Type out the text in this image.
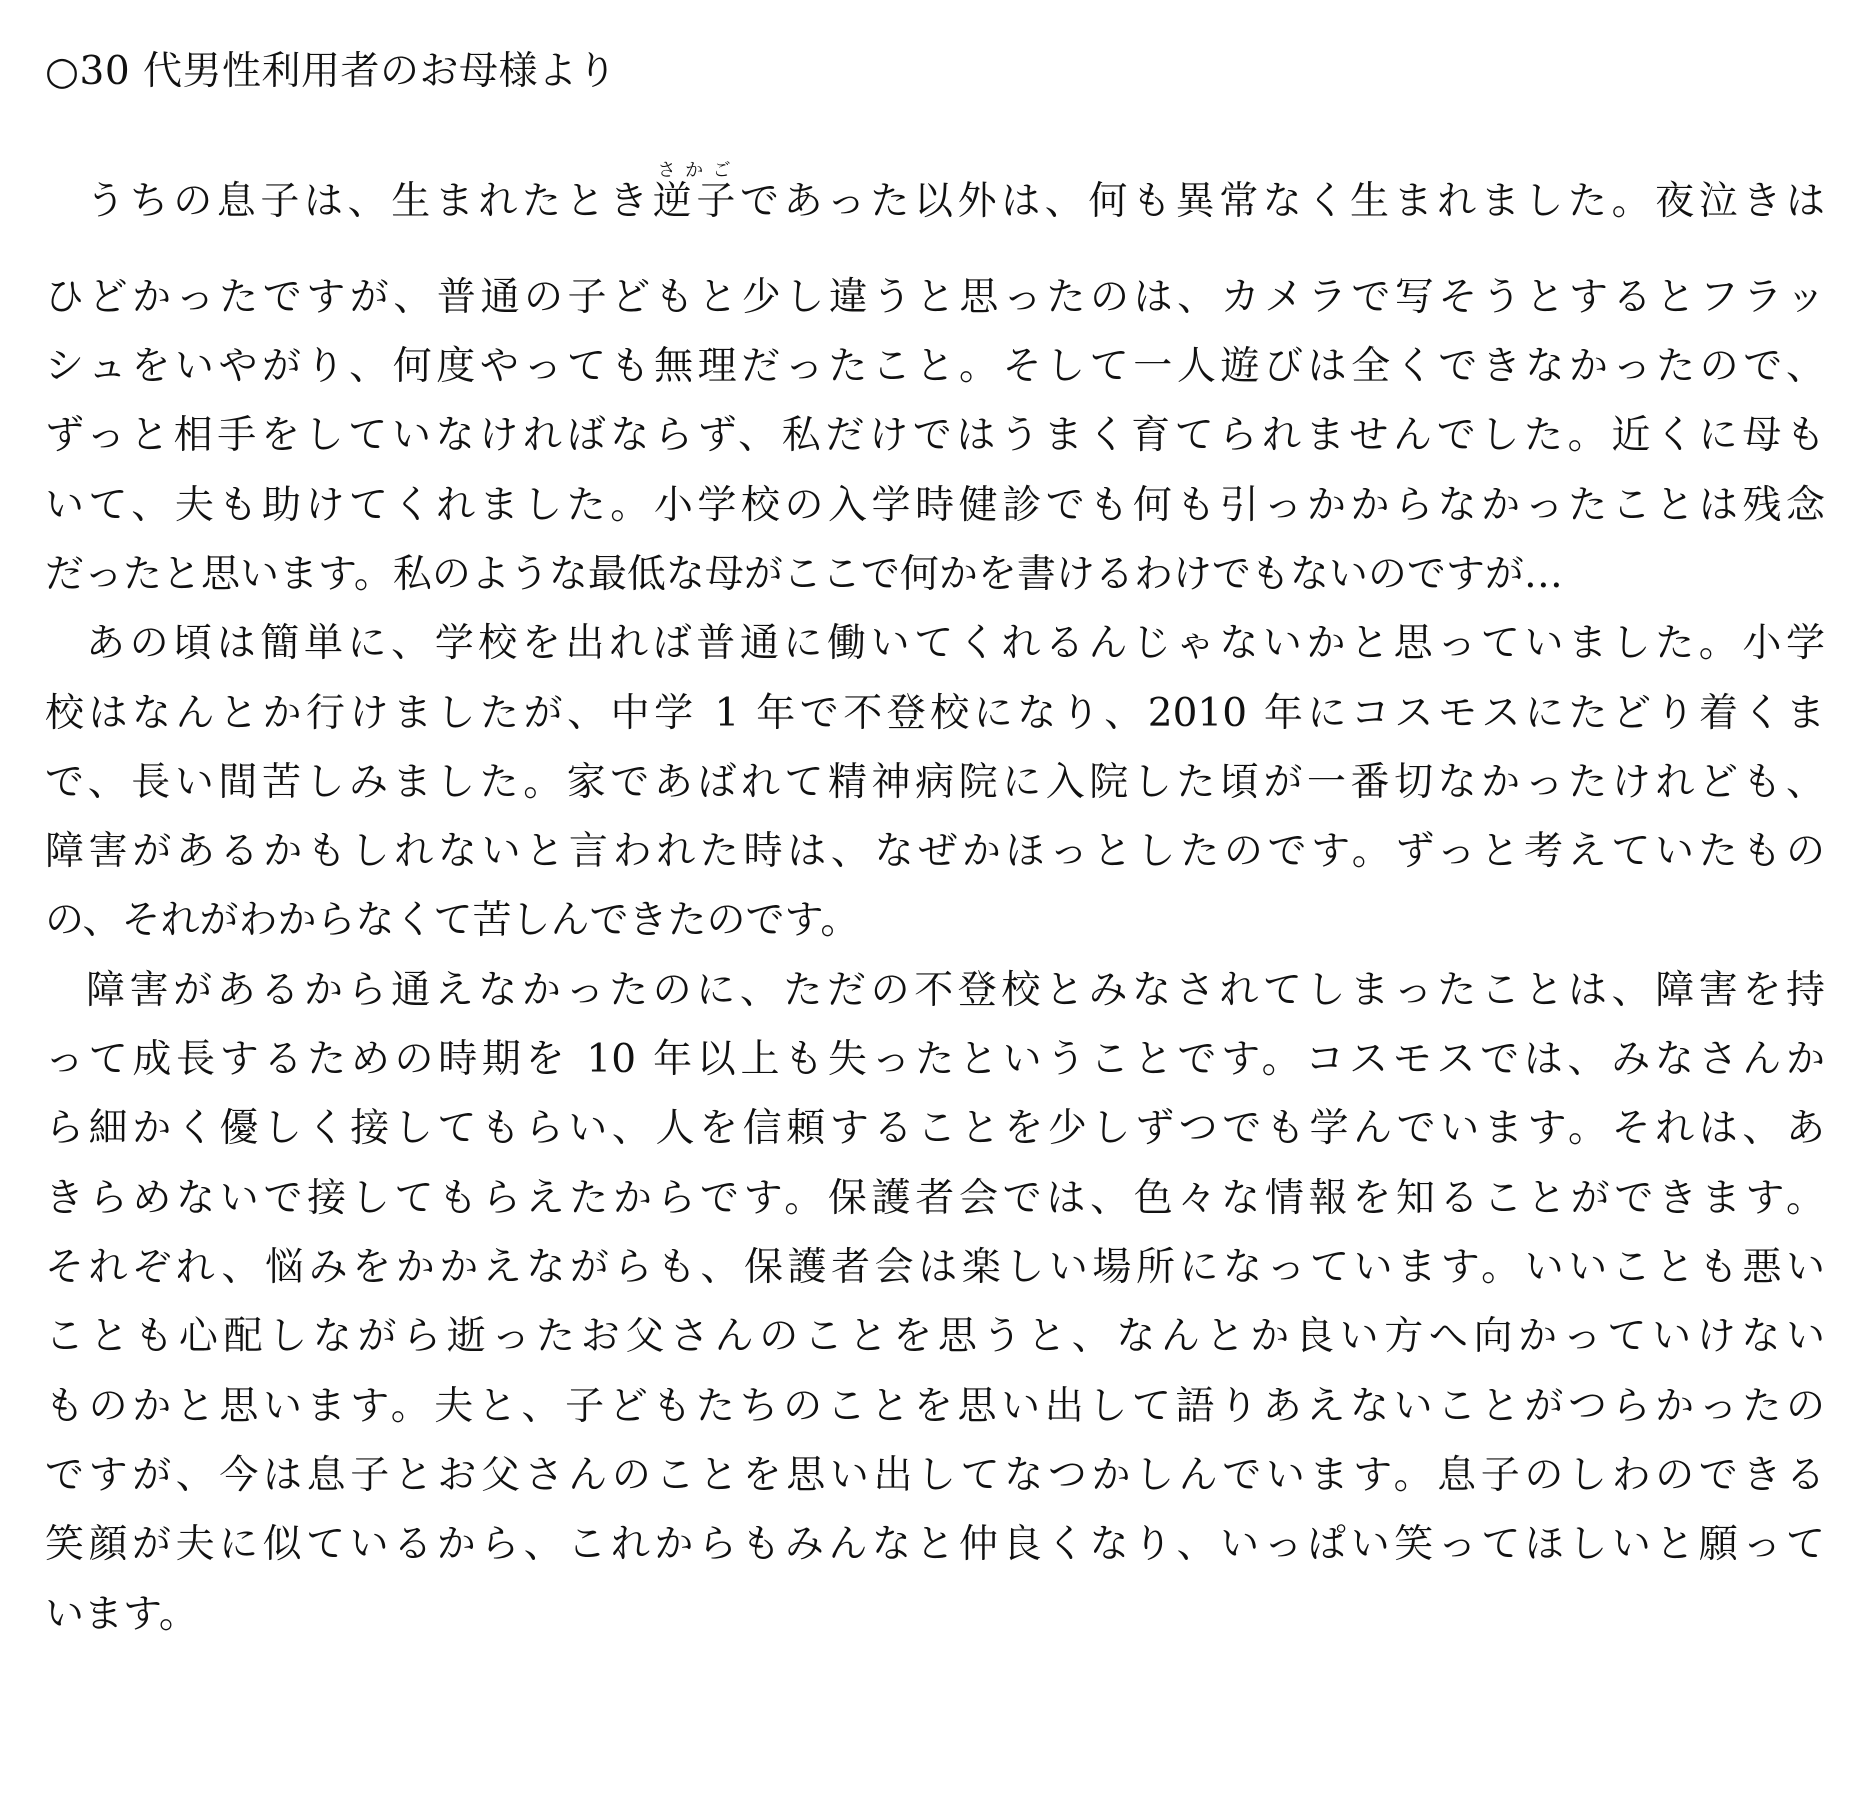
○30 代男性利用者のお母様より
うちの息子は、生まれたとき逆子さかごであった以外は、何も異常なく生まれました。夜泣きは
ひどかったですが、普通の子どもと少し違うと思ったのは、カメラで写そうとするとフラッ
シュをいやがり、何度やっても無理だったこと。そして一人遊びは全くできなかったので、
ずっと相手をしていなければならず、私だけではうまく育てられませんでした。近くに母も
いて、夫も助けてくれました。小学校の入学時健診でも何も引っかからなかったことは残念
だったと思います。私のような最低な母がここで何かを書けるわけでもないのですが…
あの頃は簡単に、学校を出れば普通に働いてくれるんじゃないかと思っていました。小学
校はなんとか行けましたが、中学 1 年で不登校になり、2010 年にコスモスにたどり着くま
で、長い間苦しみました。家であばれて精神病院に入院した頃が一番切なかったけれども、
障害があるかもしれないと言われた時は、なぜかほっとしたのです。ずっと考えていたもの
の、それがわからなくて苦しんできたのです。
障害があるから通えなかったのに、ただの不登校とみなされてしまったことは、障害を持
って成長するための時期を 10 年以上も失ったということです。コスモスでは、みなさんか
ら細かく優しく接してもらい、人を信頼することを少しずつでも学んでいます。それは、あ
きらめないで接してもらえたからです。保護者会では、色々な情報を知ることができます。
それぞれ、悩みをかかえながらも、保護者会は楽しい場所になっています。いいことも悪い
ことも心配しながら逝ったお父さんのことを思うと、なんとか良い方へ向かっていけない
ものかと思います。夫と、子どもたちのことを思い出して語りあえないことがつらかったの
ですが、今は息子とお父さんのことを思い出してなつかしんでいます。息子のしわのできる
笑顔が夫に似ているから、これからもみんなと仲良くなり、いっぱい笑ってほしいと願って
います。
